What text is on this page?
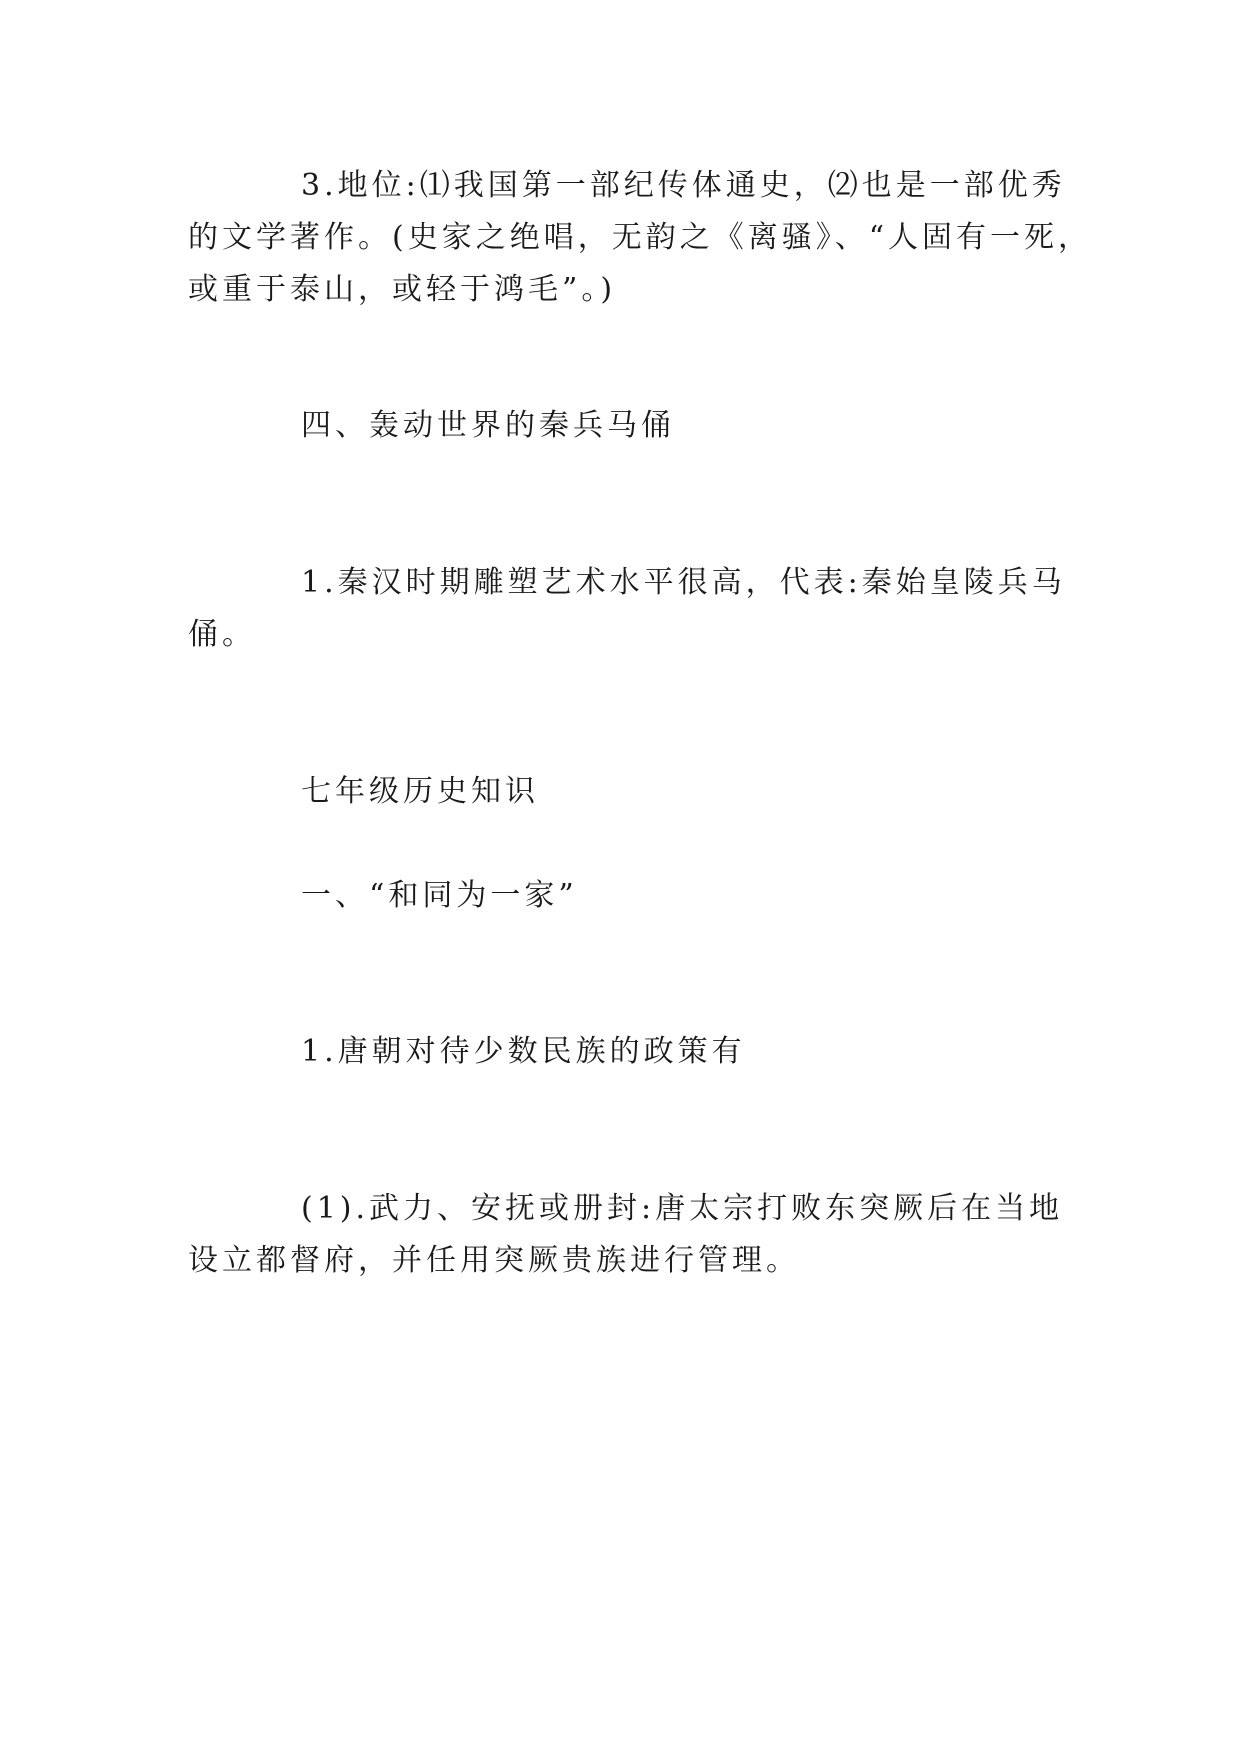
3.地位:⑴我国第一部纪传体通史，⑵也是一部优秀
的文学著作。(史家之绝唱，无韵之《离骚》、“人固有一死，
或重于泰山，或轻于鸿毛”。)

四、轰动世界的秦兵马俑

1.秦汉时期雕塑艺术水平很高，代表:秦始皇陵兵马
俑。

七年级历史知识

一、“和同为一家”

1.唐朝对待少数民族的政策有

(1).武力、安抚或册封:唐太宗打败东突厥后在当地
设立都督府，并任用突厥贵族进行管理。
